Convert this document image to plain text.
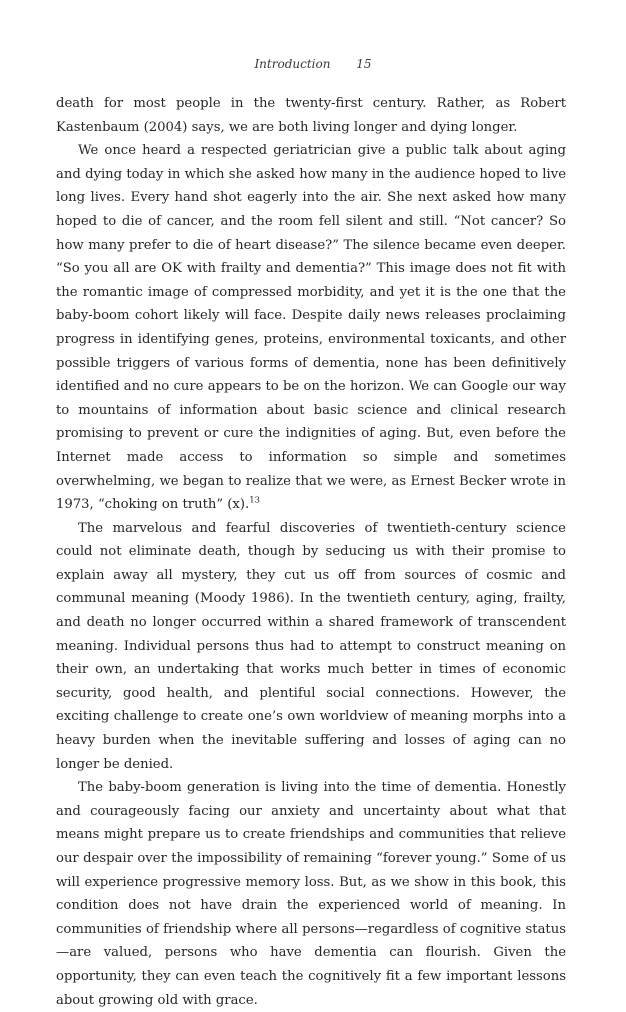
Introduction 15

death for most people in the twenty-first century. Rather, as Robert Kastenbaum (2004) says, we are both living longer and dying longer.

We once heard a respected geriatrician give a public talk about aging and dying today in which she asked how many in the audience hoped to live long lives. Every hand shot eagerly into the air. She next asked how many hoped to die of cancer, and the room fell silent and still. “Not cancer? So how many prefer to die of heart disease?” The silence became even deeper. “So you all are OK with frailty and dementia?” This image does not fit with the romantic image of compressed morbidity, and yet it is the one that the baby-boom cohort likely will face. Despite daily news releases proclaiming progress in identifying genes, proteins, environmental toxicants, and other possible triggers of various forms of dementia, none has been definitively identified and no cure appears to be on the horizon. We can Google our way to mountains of information about basic science and clinical research promising to prevent or cure the indignities of aging. But, even before the Internet made access to information so simple and sometimes overwhelming, we began to realize that we were, as Ernest Becker wrote in 1973, “choking on truth” (x).$^{13}$

The marvelous and fearful discoveries of twentieth-century science could not eliminate death, though by seducing us with their promise to explain away all mystery, they cut us off from sources of cosmic and communal meaning (Moody 1986). In the twentieth century, aging, frailty, and death no longer occurred within a shared framework of transcendent meaning. Individual persons thus had to attempt to construct meaning on their own, an undertaking that works much better in times of economic security, good health, and plentiful social connections. However, the exciting challenge to create one’s own worldview of meaning morphs into a heavy burden when the inevitable suffering and losses of aging can no longer be denied.

The baby-boom generation is living into the time of dementia. Honestly and courageously facing our anxiety and uncertainty about what that means might prepare us to create friendships and communities that relieve our despair over the impossibility of remaining “forever young.” Some of us will experience progressive memory loss. But, as we show in this book, this condition does not have drain the experienced world of meaning. In communities of friendship where all persons—regardless of cognitive status—are valued, persons who have dementia can flourish. Given the opportunity, they can even teach the cognitively fit a few important lessons about growing old with grace.
